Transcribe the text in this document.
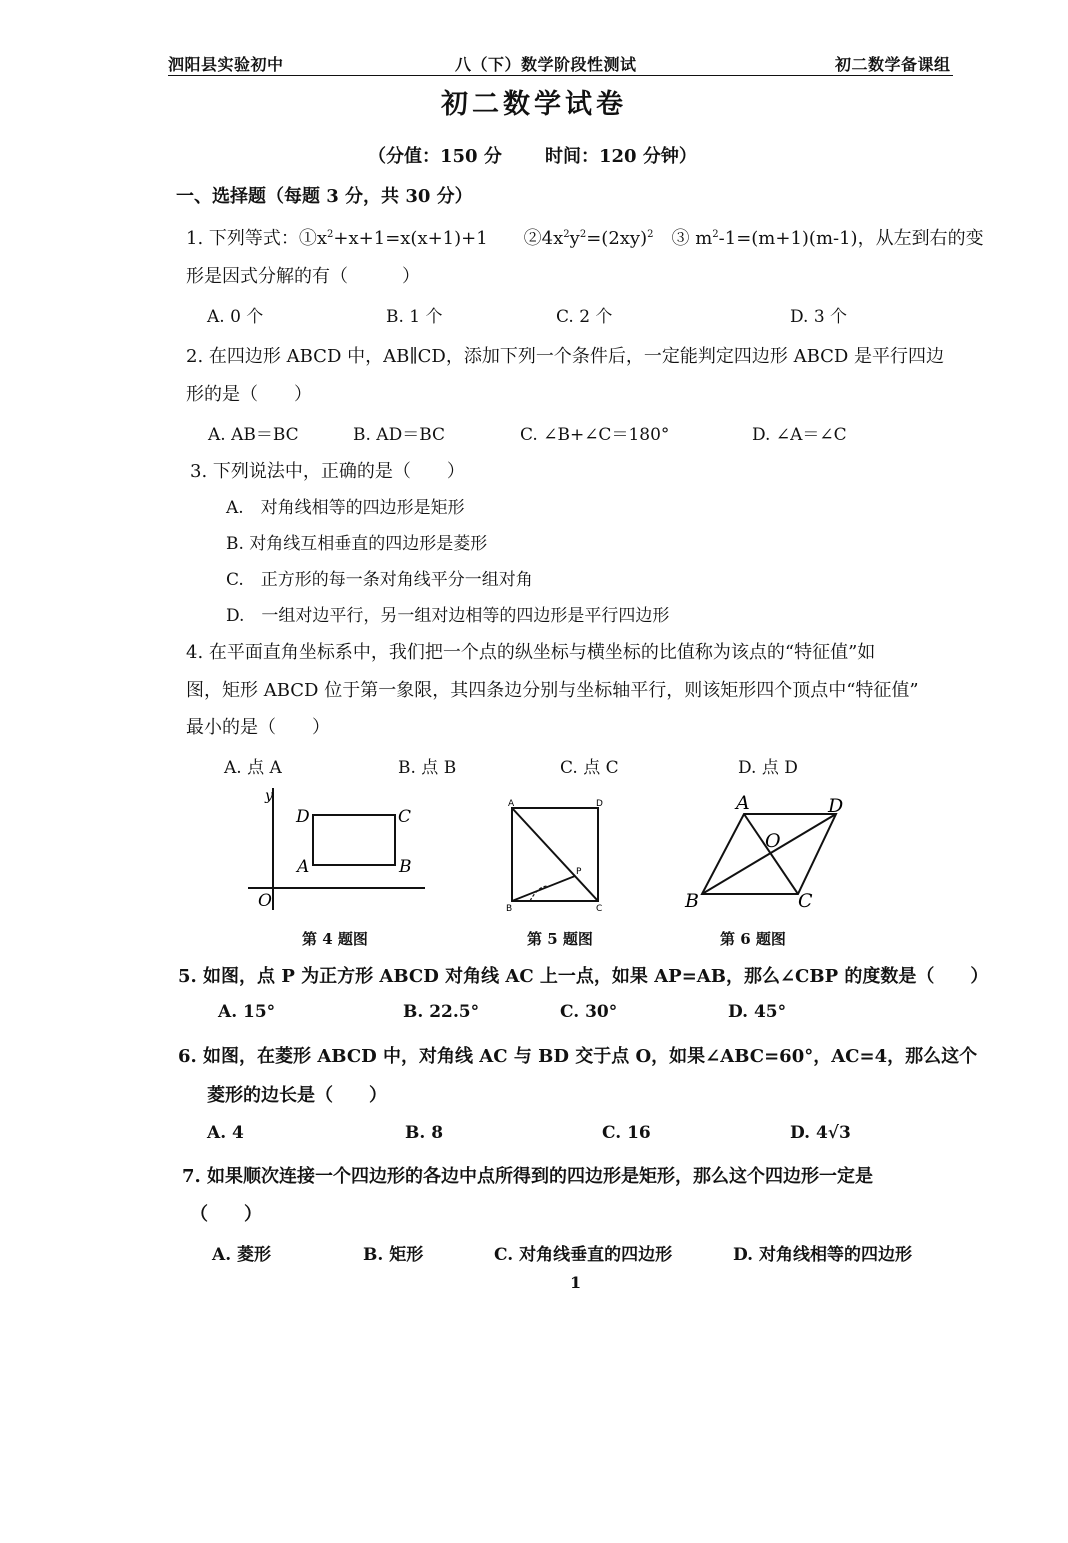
泗阳县实验初中	八（下）数学阶段性测试	初二数学备课组
初二数学试卷
（分值：150 分 时间：120 分钟）
一、选择题（每题 3 分，共 30 分）
1. 下列等式：$①x^2+x+1=x(x+1)+1$　　$②4x^2y^2=(2xy)^2$　③ $m^2-1=(m+1)(m-1)$，从左到右的变
形是因式分解的有（　　　）
A. 0 个	B. 1 个	C. 2 个	D. 3 个
2. 在四边形 ABCD 中，AB∥CD，添加下列一个条件后，一定能判定四边形 ABCD 是平行四边
形的是（　　）
A. AB＝BC	B. AD＝BC	C. ∠B+∠C＝180°	D. ∠A＝∠C
3. 下列说法中，正确的是（　　）
A.　对角线相等的四边形是矩形
B. 对角线互相垂直的四边形是菱形
C.　正方形的每一条对角线平分一组对角
D.　一组对边平行，另一组对边相等的四边形是平行四边形
4. 在平面直角坐标系中，我们把一个点的纵坐标与横坐标的比值称为该点的“特征值”如
图，矩形 ABCD 位于第一象限，其四条边分别与坐标轴平行，则该矩形四个顶点中“特征值”
最小的是（　　）
A. 点 A	B. 点 B	C. 点 C	D. 点 D
y
O
D	C
A	B
A	D
B	C
P
A	D
B	C
O
第 4 题图	第 5 题图	第 6 题图
5. 如图，点 P 为正方形 ABCD 对角线 AC 上一点，如果 AP=AB，那么∠CBP 的度数是（　　）
A. 15°	B. 22.5°	C. 30°	D. 45°
6. 如图，在菱形 ABCD 中，对角线 AC 与 BD 交于点 O，如果∠ABC=60°，AC=4，那么这个
菱形的边长是（　　）
A. 4	B. 8	C. 16	D. 4√3
7. 如果顺次连接一个四边形的各边中点所得到的四边形是矩形，那么这个四边形一定是
（　　）
A. 菱形	B. 矩形	C. 对角线垂直的四边形	D. 对角线相等的四边形
1
